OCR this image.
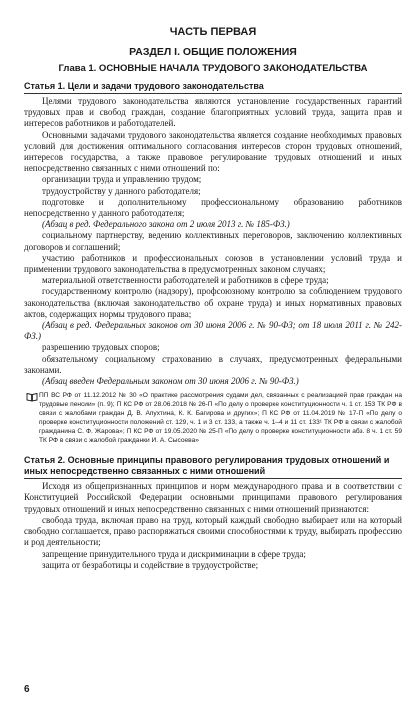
ЧАСТЬ ПЕРВАЯ
РАЗДЕЛ I. ОБЩИЕ ПОЛОЖЕНИЯ
Глава 1. ОСНОВНЫЕ НАЧАЛА ТРУДОВОГО ЗАКОНОДАТЕЛЬСТВА
Статья 1. Цели и задачи трудового законодательства

Целями трудового законодательства являются установление государственных гарантий трудовых прав и свобод граждан, создание благоприятных условий труда, защита прав и интересов работников и работодателей.

Основными задачами трудового законодательства является создание необходимых правовых условий для достижения оптимального согласования интересов сторон трудовых отношений, интересов государства, а также правовое регулирование трудовых отношений и иных непосредственно связанных с ними отношений по:

организации труда и управлению трудом;

трудоустройству у данного работодателя;

подготовке и дополнительному профессиональному образованию работников непосредственно у данного работодателя;

(Абзац в ред. Федерального закона от 2 июля 2013 г. № 185-ФЗ.)

социальному партнерству, ведению коллективных переговоров, заключению коллективных договоров и соглашений;

участию работников и профессиональных союзов в установлении условий труда и применении трудового законодательства в предусмотренных законом случаях;

материальной ответственности работодателей и работников в сфере труда;

государственному контролю (надзору), профсоюзному контролю за соблюдением трудового законодательства (включая законодательство об охране труда) и иных нормативных правовых актов, содержащих нормы трудового права;

(Абзац в ред. Федеральных законов от 30 июня 2006 г. № 90-ФЗ; от 18 июля 2011 г. № 242-ФЗ.)

разрешению трудовых споров;

обязательному социальному страхованию в случаях, предусмотренных федеральными законами.

(Абзац введен Федеральным законом от 30 июня 2006 г. № 90-ФЗ.)

ПП ВС РФ от 11.12.2012 № 30 «О практике рассмотрения судами дел, связанных с реализацией прав граждан на трудовые пенсии» (п. 9); П КС РФ от 28.06.2018 № 26-П «По делу о проверке конституционности ч. 1 ст. 153 ТК РФ в связи с жалобами граждан Д. В. Апухтина, К. К. Багирова и других»; П КС РФ от 11.04.2019 № 17-П «По делу о проверке конституционности положений ст. 129, ч. 1 и 3 ст. 133, а также ч. 1–4 и 11 ст. 133¹ ТК РФ в связи с жалобой гражданина С. Ф. Жарова»; П КС РФ от 19.05.2020 № 25-П «По делу о проверке конституционности абз. 8 ч. 1 ст. 59 ТК РФ в связи с жалобой гражданки И. А. Сысоева»
Статья 2. Основные принципы правового регулирования трудовых отношений и иных непосредственно связанных с ними отношений

Исходя из общепризнанных принципов и норм международного права и в соответствии с Конституцией Российской Федерации основными принципами правового регулирования трудовых отношений и иных непосредственно связанных с ними отношений признаются:

свобода труда, включая право на труд, который каждый свободно выбирает или на который свободно соглашается, право распоряжаться своими способностями к труду, выбирать профессию и род деятельности;

запрещение принудительного труда и дискриминации в сфере труда;

защита от безработицы и содействие в трудоустройстве;

6
